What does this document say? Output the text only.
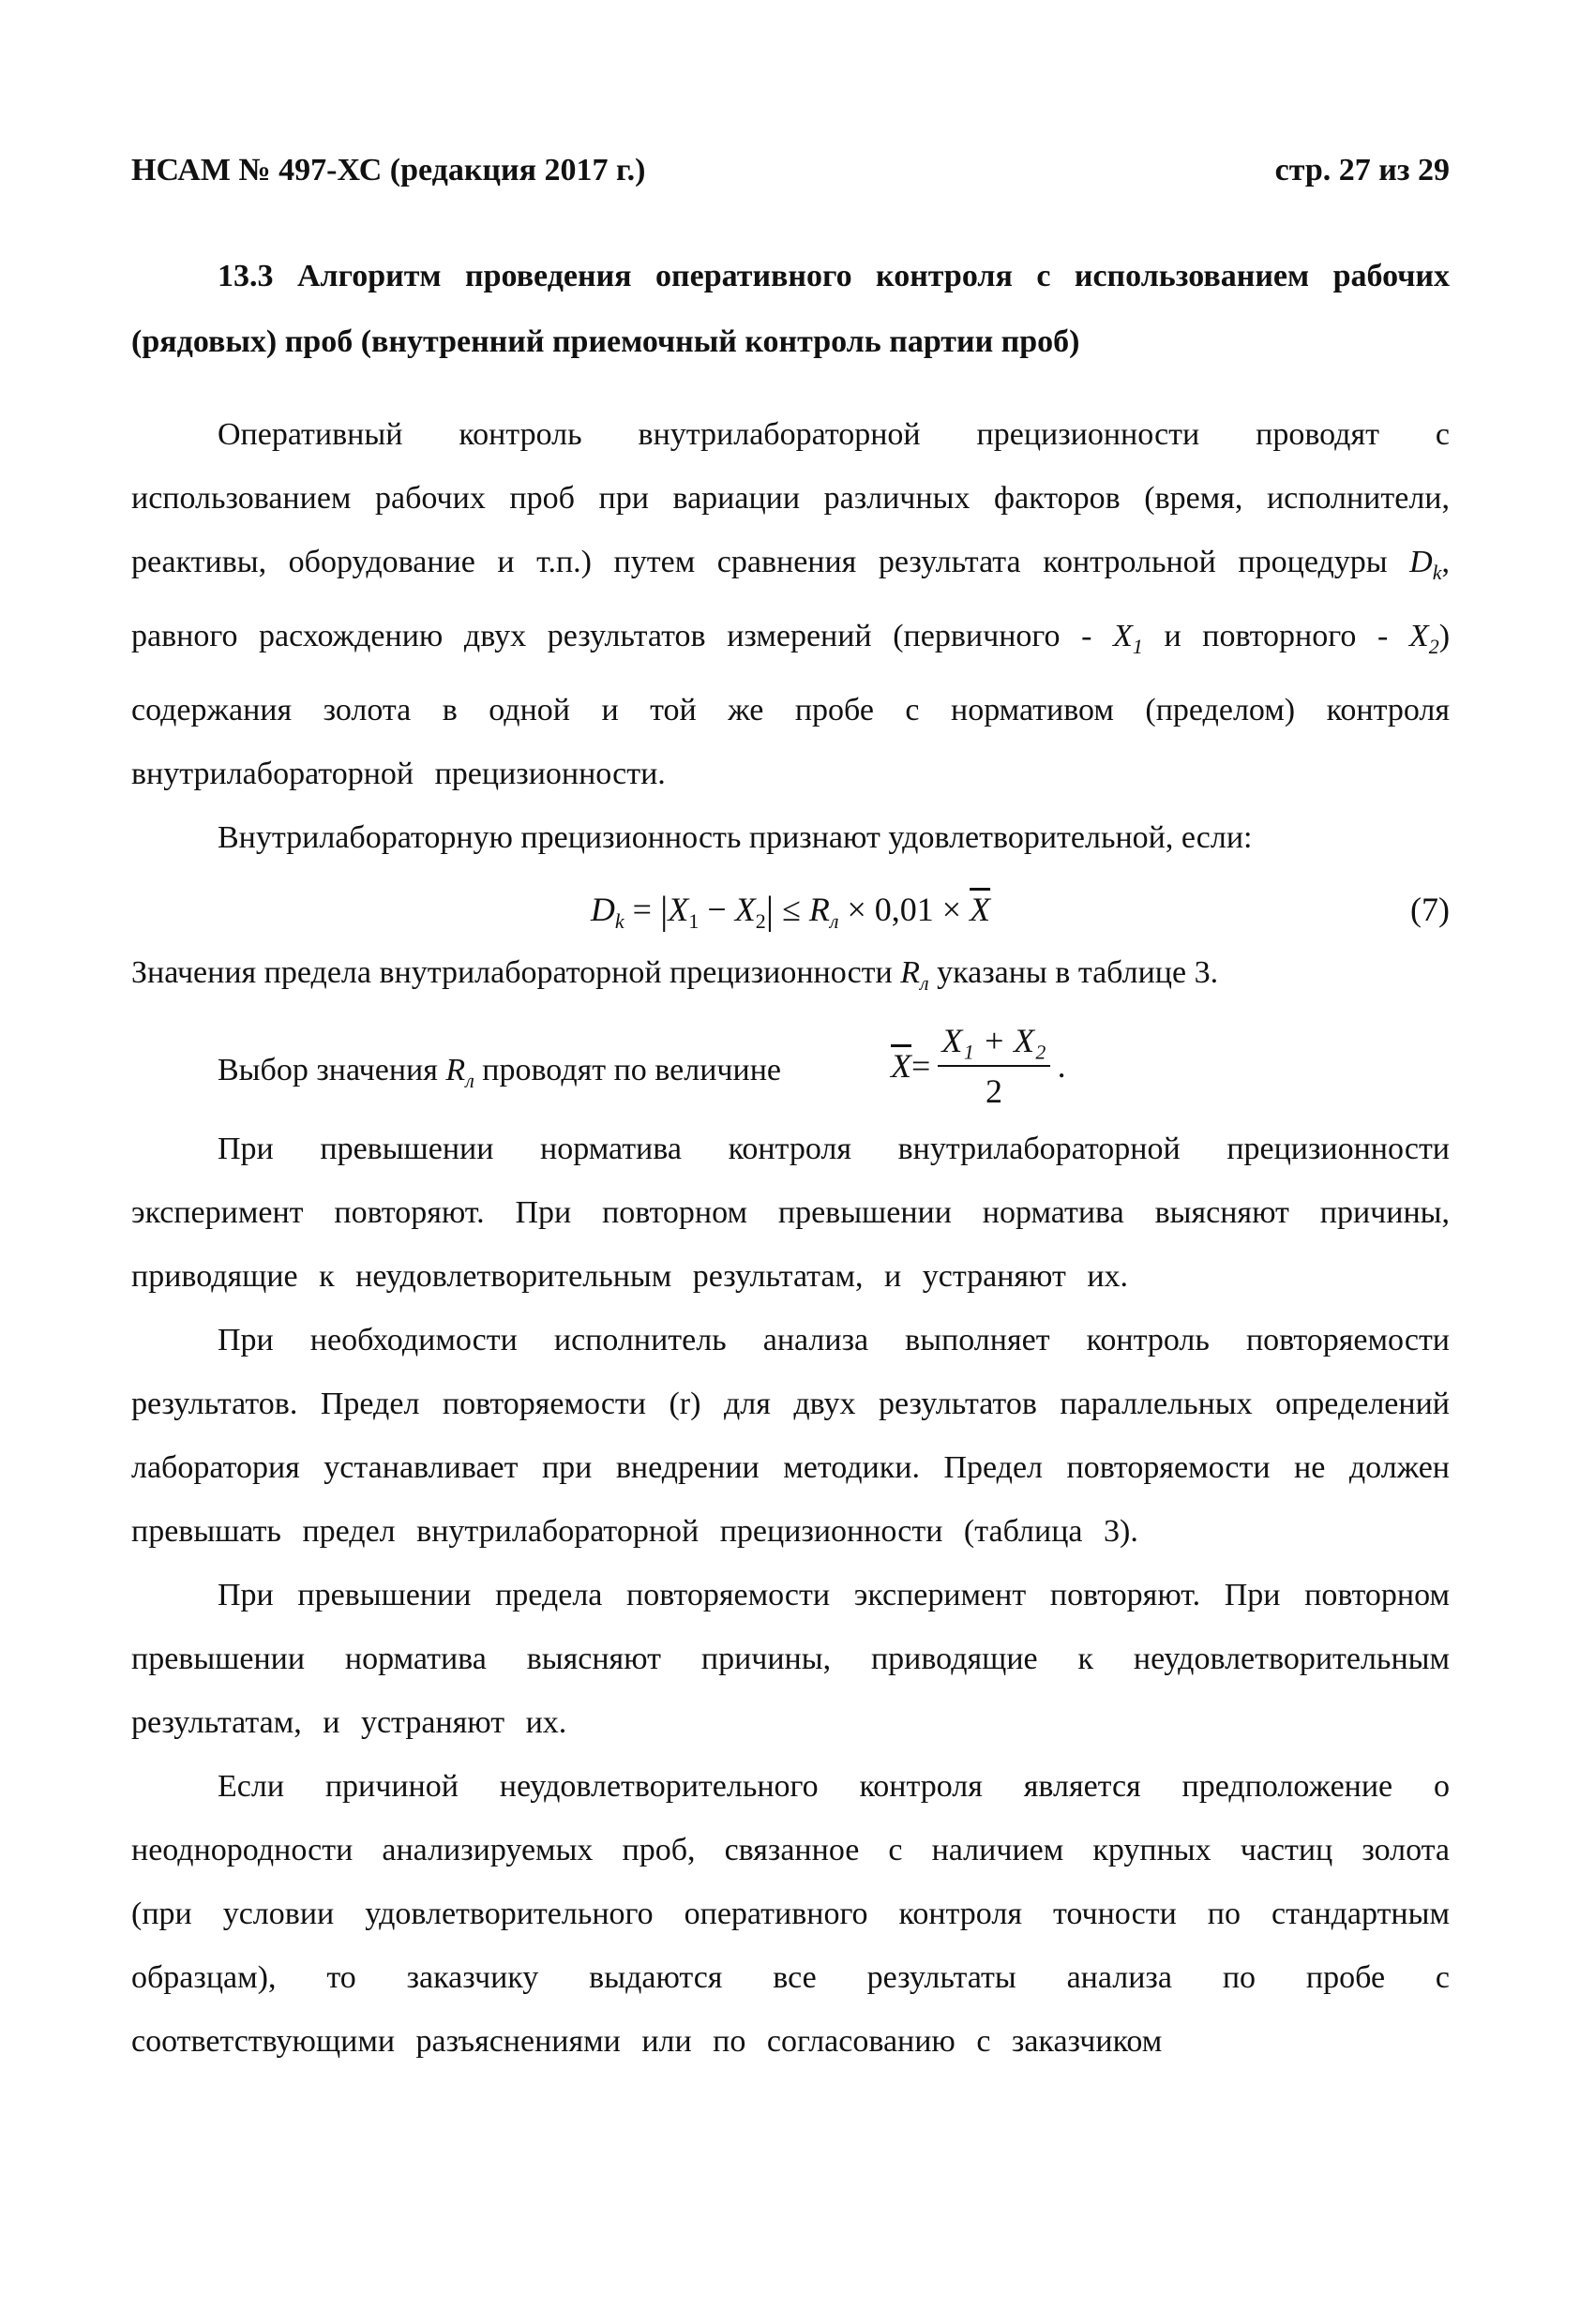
НСАМ № 497-ХС (редакция 2017 г.)	стр. 27 из 29
13.3 Алгоритм проведения оперативного контроля с использованием рабочих (рядовых) проб (внутренний приемочный контроль партии проб)

Оперативный контроль внутрилабораторной прецизионности проводят с использованием рабочих проб при вариации различных факторов (время, исполнители, реактивы, оборудование и т.п.) путем сравнения результата контрольной процедуры $D_k$, равного расхождению двух результатов измерений (первичного - $X_1$ и повторного - $X_2$) содержания золота в одной и той же пробе с нормативом (пределом) контроля внутрилабораторной прецизионности.

Внутрилабораторную прецизионность признают удовлетворительной, если:

$D_k = |X_1 - X_2| \le R_л \times 0,01 \times \overline{X}$	(7)

Значения предела внутрилабораторной прецизионности $R_л$ указаны в таблице 3.

Выбор значения $R_л$ проводят по величине	$\overline{X} = \frac{\text{X₁ + X₂}}{2}$ .

При превышении норматива контроля внутрилабораторной прецизионности эксперимент повторяют. При повторном превышении норматива выясняют причины, приводящие к неудовлетворительным результатам, и устраняют их.

При необходимости исполнитель анализа выполняет контроль повторяемости результатов. Предел повторяемости (r) для двух результатов параллельных определений лаборатория устанавливает при внедрении методики. Предел повторяемости не должен превышать предел внутрилабораторной прецизионности (таблица 3).

При превышении предела повторяемости эксперимент повторяют. При повторном превышении норматива выясняют причины, приводящие к неудовлетворительным результатам, и устраняют их.

Если причиной неудовлетворительного контроля является предположение о неоднородности анализируемых проб, связанное с наличием крупных частиц золота (при условии удовлетворительного оперативного контроля точности по стандартным образцам), то заказчику выдаются все результаты анализа по пробе с соответствующими разъяснениями или по согласованию с заказчиком
